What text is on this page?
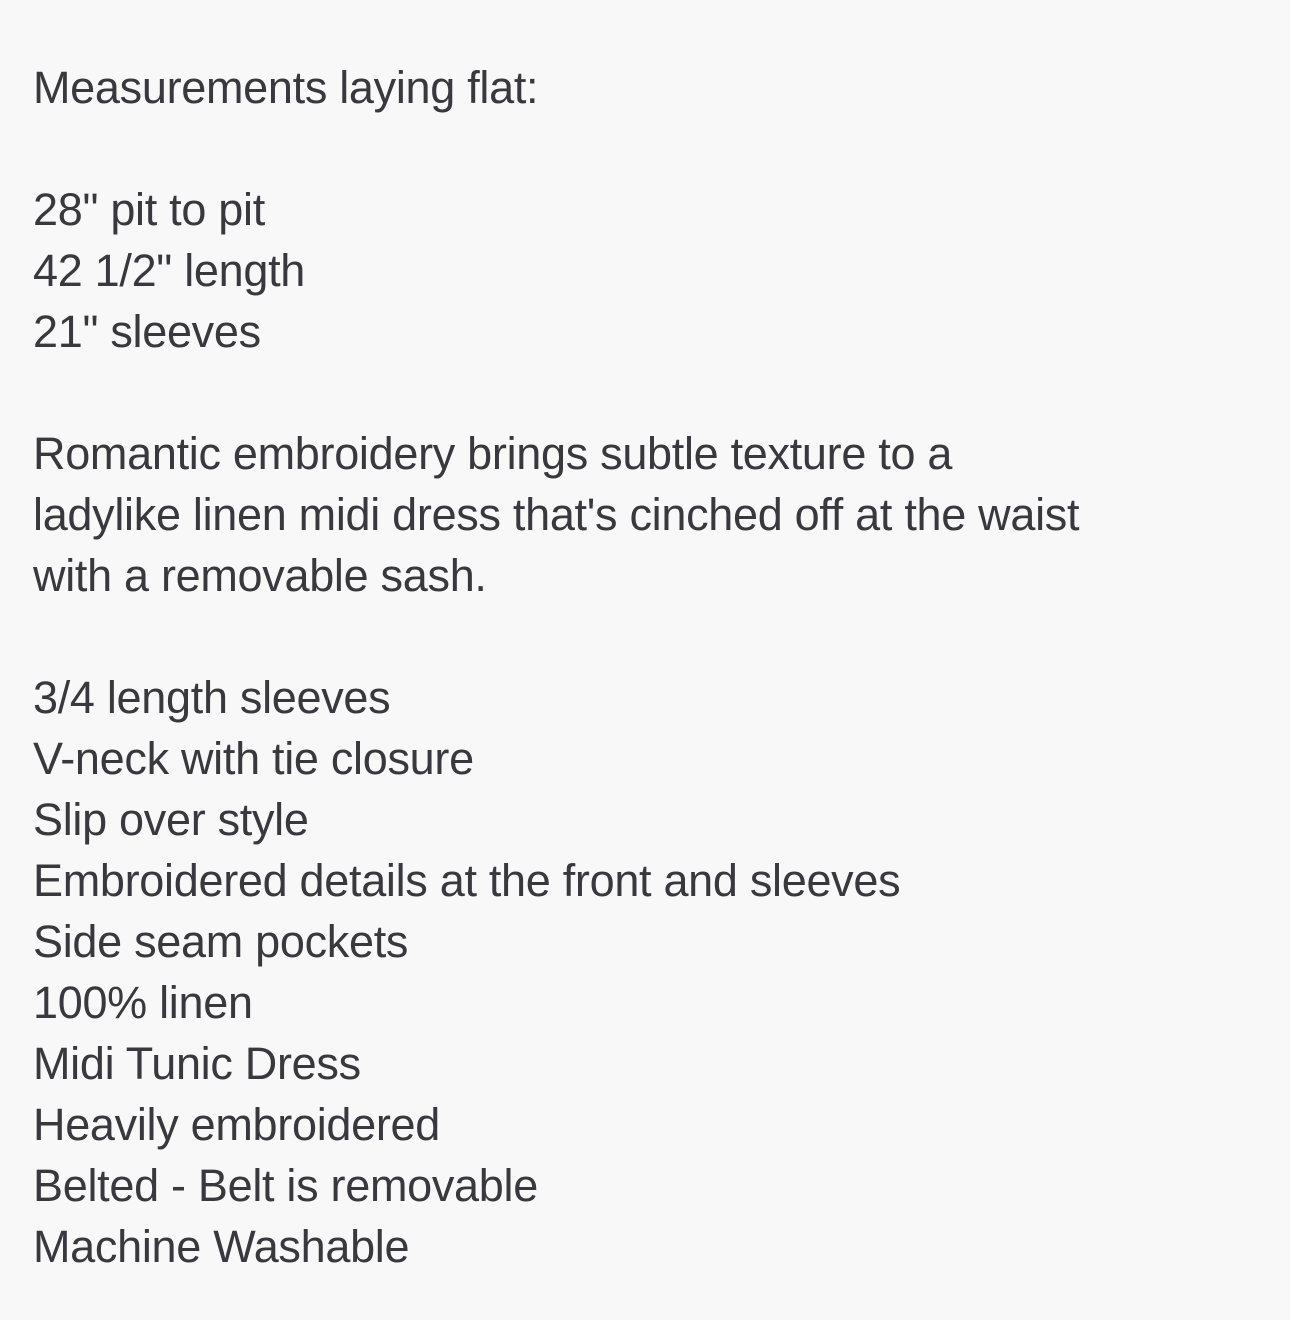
Measurements laying flat:
28" pit to pit
42 1/2" length
21" sleeves
Romantic embroidery brings subtle texture to a
ladylike linen midi dress that's cinched off at the waist
with a removable sash.
3/4 length sleeves
V-neck with tie closure
Slip over style
Embroidered details at the front and sleeves
Side seam pockets
100% linen
Midi Tunic Dress
Heavily embroidered
Belted - Belt is removable
Machine Washable
